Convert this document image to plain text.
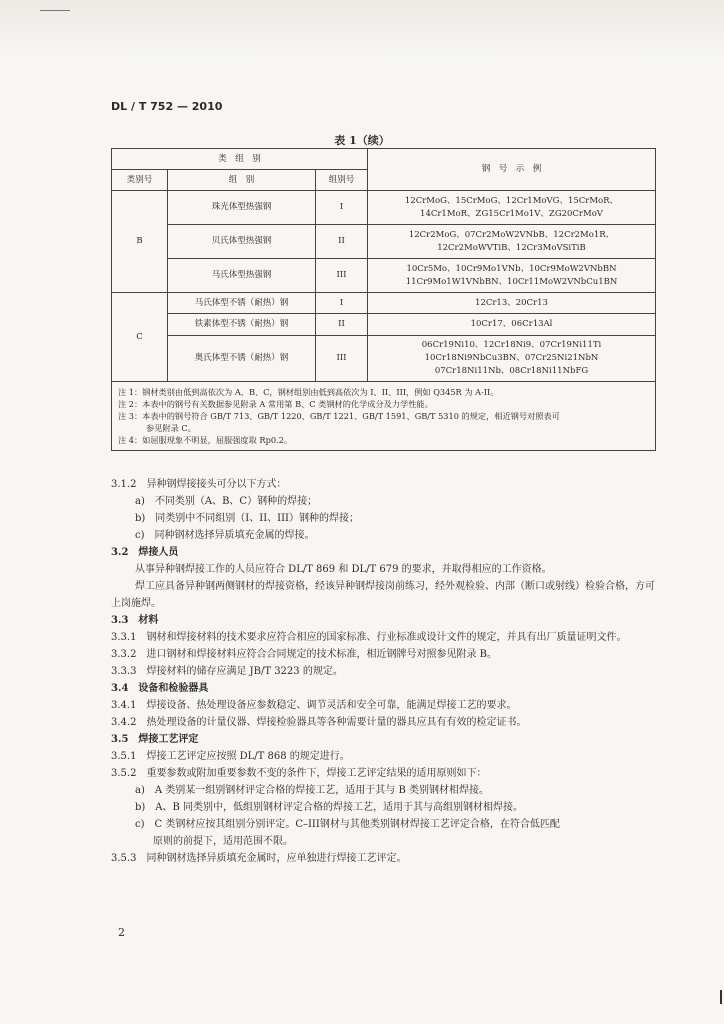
DL / T 752 — 2010
表 1（续）
类　组　别			钢　号　示　例
类别号	组　别	组别号	
B	珠光体型热强钢	I	12CrMoG、15CrMoG、12Cr1MoVG、15CrMoR、
14Cr1MoR、ZG15Cr1Mo1V、ZG20CrMoV

	贝氏体型热强钢	II	12Cr2MoG、07Cr2MoW2VNbB、12Cr2Mo1R、
12Cr2MoWVTiB、12Cr3MoVSiTiB

	马氏体型热强钢	III	10Cr5Mo、10Cr9Mo1VNb、10Cr9MoW2VNbBN
11Cr9Mo1W1VNbBN、10Cr11MoW2VNbCu1BN

C	马氏体型不锈（耐热）钢	I	12Cr13、20Cr13
	铁素体型不锈（耐热）钢	II	10Cr17、06Cr13Al
	奥氏体型不锈（耐热）钢	III	06Cr19Ni10、12Cr18Ni9、07Cr19Ni11Ti
10Cr18Ni9NbCu3BN、07Cr25Ni21NbN
07Cr18Ni11Nb、08Cr18Ni11NbFG

注 1：钢材类别由低到高依次为 A、B、C，钢材组别由低到高依次为 I、II、III，例如 Q345R 为 A-II。
注 2：本表中的钢号有关数据参见附录 A 常用第 B、C 类钢材的化学成分及力学性能。
注 3：本表中的钢号符合 GB/T 713、GB/T 1220、GB/T 1221、GB/T 1591、GB/T 5310 的规定，相近钢号对照表可
参见附录 C。
注 4：如屈服现象不明显，屈服强度取 Rp0.2。			

3.1.2　异种钢焊接接头可分以下方式：

a)　不同类别（A、B、C）钢种的焊接；

b)　同类别中不同组别（I、II、III）钢种的焊接；

c)　同种钢材选择异质填充金属的焊接。

3.2　焊接人员

从事异种钢焊接工作的人员应符合 DL/T 869 和 DL/T 679 的要求，并取得相应的工作资格。

焊工应具备异种钢两侧钢材的焊接资格，经该异种钢焊接岗前练习，经外观检验、内部（断口或射线）检验合格，方可上岗施焊。

3.3　材料

3.3.1　钢材和焊接材料的技术要求应符合相应的国家标准、行业标准或设计文件的规定，并具有出厂质量证明文件。

3.3.2　进口钢材和焊接材料应符合合同规定的技术标准，相近钢牌号对照参见附录 B。

3.3.3　焊接材料的储存应满足 JB/T 3223 的规定。

3.4　设备和检验器具

3.4.1　焊接设备、热处理设备应参数稳定、调节灵活和安全可靠，能满足焊接工艺的要求。

3.4.2　热处理设备的计量仪器、焊接检验器具等各种需要计量的器具应具有有效的检定证书。

3.5　焊接工艺评定

3.5.1　焊接工艺评定应按照 DL/T 868 的规定进行。

3.5.2　重要参数或附加重要参数不变的条件下，焊接工艺评定结果的适用原则如下：

a)　A 类别某一组别钢材评定合格的焊接工艺，适用于其与 B 类别钢材相焊接。

b)　A、B 同类别中，低组别钢材评定合格的焊接工艺，适用于其与高组别钢材相焊接。

c)　C 类钢材应按其组别分别评定。C–III钢材与其他类别钢材焊接工艺评定合格，在符合低匹配

原则的前提下，适用范围不限。

3.5.3　同种钢材选择异质填充金属时，应单独进行焊接工艺评定。

2
